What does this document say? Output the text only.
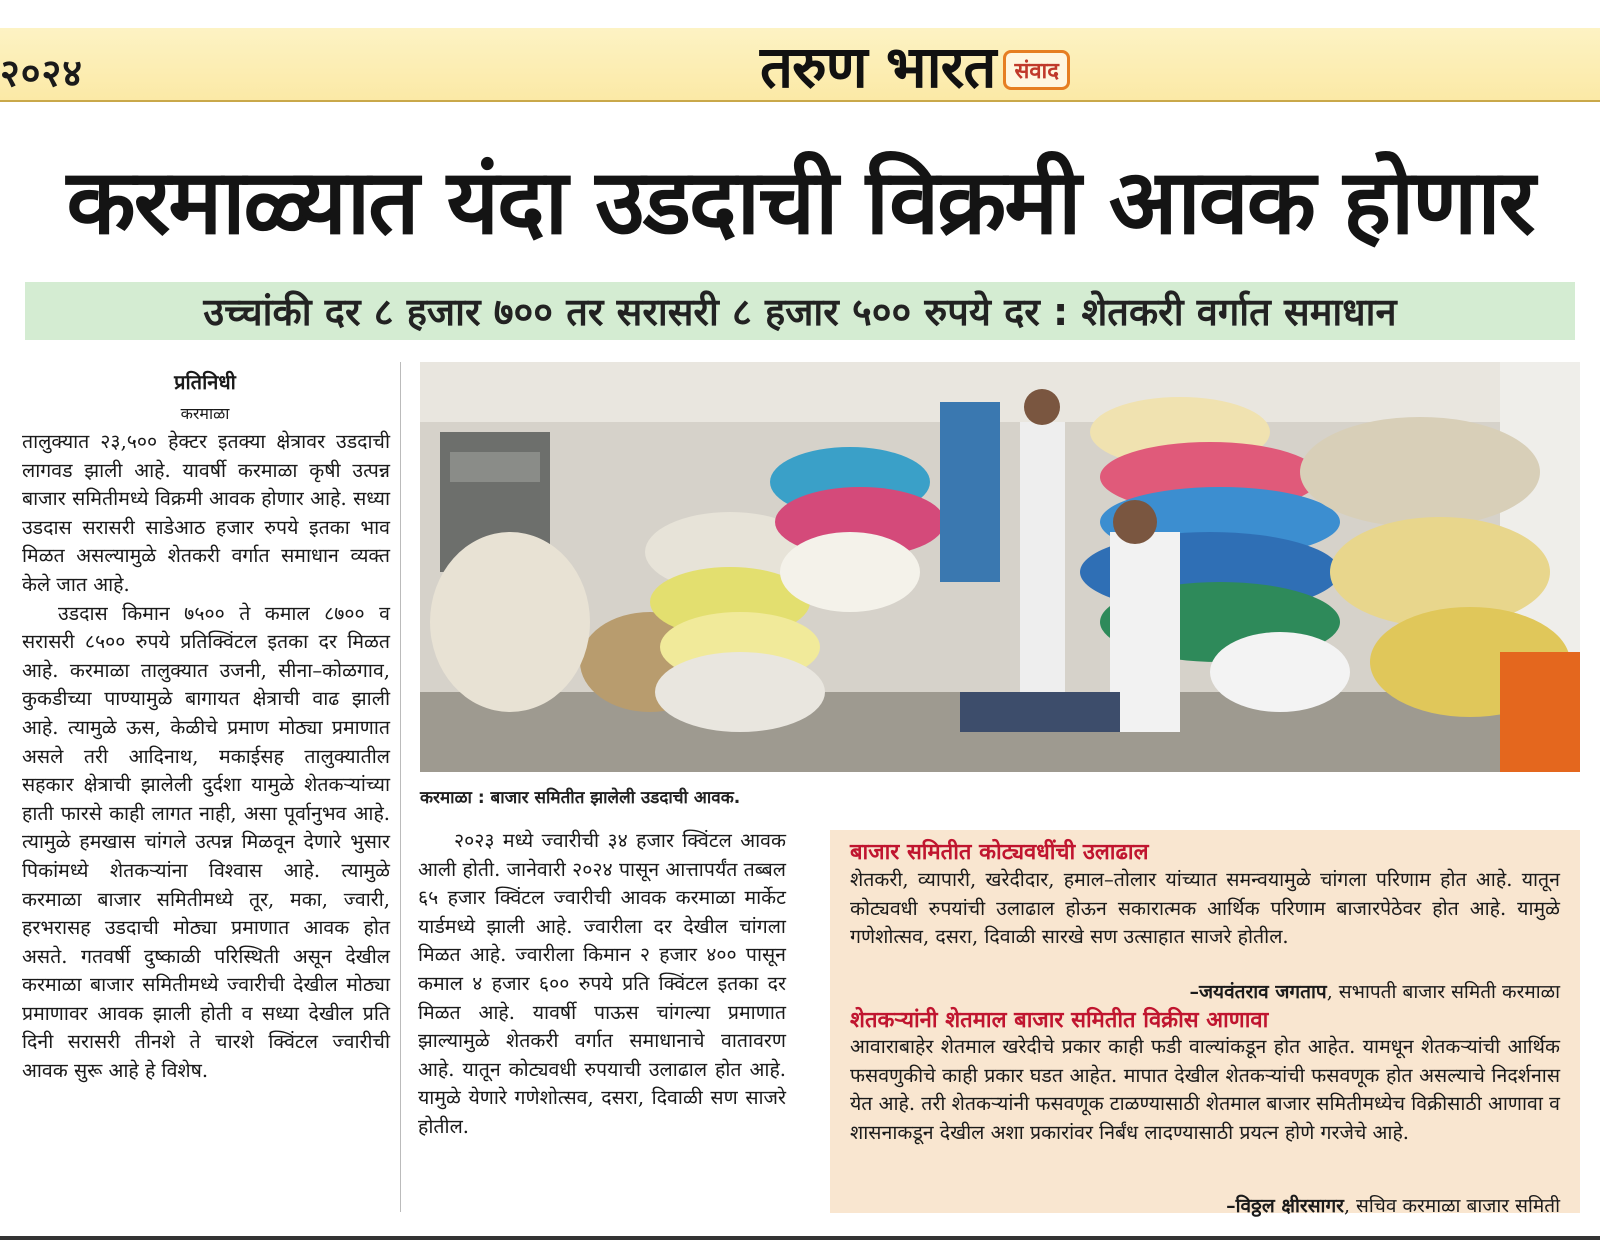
२०२४	तरुण भारत संवाद
करमाळ्यात यंदा उडदाची विक्रमी आवक होणार
उच्चांकी दर ८ हजार ७०० तर सरासरी ८ हजार ५०० रुपये दर : शेतकरी वर्गात समाधान
प्रतिनिधी
करमाळा

तालुक्यात २३,५०० हेक्टर इतक्या क्षेत्रावर उडदाची लागवड झाली आहे. यावर्षी करमाळा कृषी उत्पन्न बाजार समितीमध्ये विक्रमी आवक होणार आहे. सध्या उडदास सरासरी साडेआठ हजार रुपये इतका भाव मिळत असल्यामुळे शेतकरी वर्गात समाधान व्यक्त केले जात आहे.

उडदास किमान ७५०० ते कमाल ८७०० व सरासरी ८५०० रुपये प्रतिक्विंटल इतका दर मिळत आहे. करमाळा तालुक्यात उजनी, सीना–कोळगाव, कुकडीच्या पाण्यामुळे बागायत क्षेत्राची वाढ झाली आहे. त्यामुळे ऊस, केळीचे प्रमाण मोठ्या प्रमाणात असले तरी आदिनाथ, मकाईसह तालुक्यातील सहकार क्षेत्राची झालेली दुर्दशा यामुळे शेतकऱ्यांच्या हाती फारसे काही लागत नाही, असा पूर्वानुभव आहे. त्यामुळे हमखास चांगले उत्पन्न मिळवून देणारे भुसार पिकांमध्ये शेतकऱ्यांना विश्वास आहे. त्यामुळे करमाळा बाजार समितीमध्ये तूर, मका, ज्वारी, हरभरासह उडदाची मोठ्या प्रमाणात आवक होत असते. गतवर्षी दुष्काळी परिस्थिती असून देखील करमाळा बाजार समितीमध्ये ज्वारीची देखील मोठ्या प्रमाणावर आवक झाली होती व सध्या देखील प्रति दिनी सरासरी तीनशे ते चारशे क्विंटल ज्वारीची आवक सुरू आहे हे विशेष.

करमाळा : बाजार समितीत झालेली उडदाची आवक.

२०२३ मध्ये ज्वारीची ३४ हजार क्विंटल आवक आली होती. जानेवारी २०२४ पासून आत्तापर्यंत तब्बल ६५ हजार क्विंटल ज्वारीची आवक करमाळा मार्केट यार्डमध्ये झाली आहे. ज्वारीला दर देखील चांगला मिळत आहे. ज्वारीला किमान २ हजार ४०० पासून कमाल ४ हजार ६०० रुपये प्रति क्विंटल इतका दर मिळत आहे. यावर्षी पाऊस चांगल्या प्रमाणात झाल्यामुळे शेतकरी वर्गात समाधानाचे वातावरण आहे. यातून कोट्यवधी रुपयाची उलाढाल होत आहे. यामुळे येणारे गणेशोत्सव, दसरा, दिवाळी सण साजरे होतील.

बाजार समितीत कोट्यवधींची उलाढाल
शेतकरी, व्यापारी, खरेदीदार, हमाल–तोलार यांच्यात समन्वयामुळे चांगला परिणाम होत आहे. यातून कोट्यवधी रुपयांची उलाढाल होऊन सकारात्मक आर्थिक परिणाम बाजारपेठेवर होत आहे. यामुळे गणेशोत्सव, दसरा, दिवाळी सारखे सण उत्साहात साजरे होतील.
–जयवंतराव जगताप, सभापती बाजार समिती करमाळा
शेतकऱ्यांनी शेतमाल बाजार समितीत विक्रीस आणावा
आवाराबाहेर शेतमाल खरेदीचे प्रकार काही फडी वाल्यांकडून होत आहेत. यामधून शेतकऱ्यांची आर्थिक फसवणुकीचे काही प्रकार घडत आहेत. मापात देखील शेतकऱ्यांची फसवणूक होत असल्याचे निदर्शनास येत आहे. तरी शेतकऱ्यांनी फसवणूक टाळण्यासाठी शेतमाल बाजार समितीमध्येच विक्रीसाठी आणावा व शासनाकडून देखील अशा प्रकारांवर निर्बंध लादण्यासाठी प्रयत्न होणे गरजेचे आहे.
–विठ्ठल क्षीरसागर, सचिव करमाळा बाजार समिती
